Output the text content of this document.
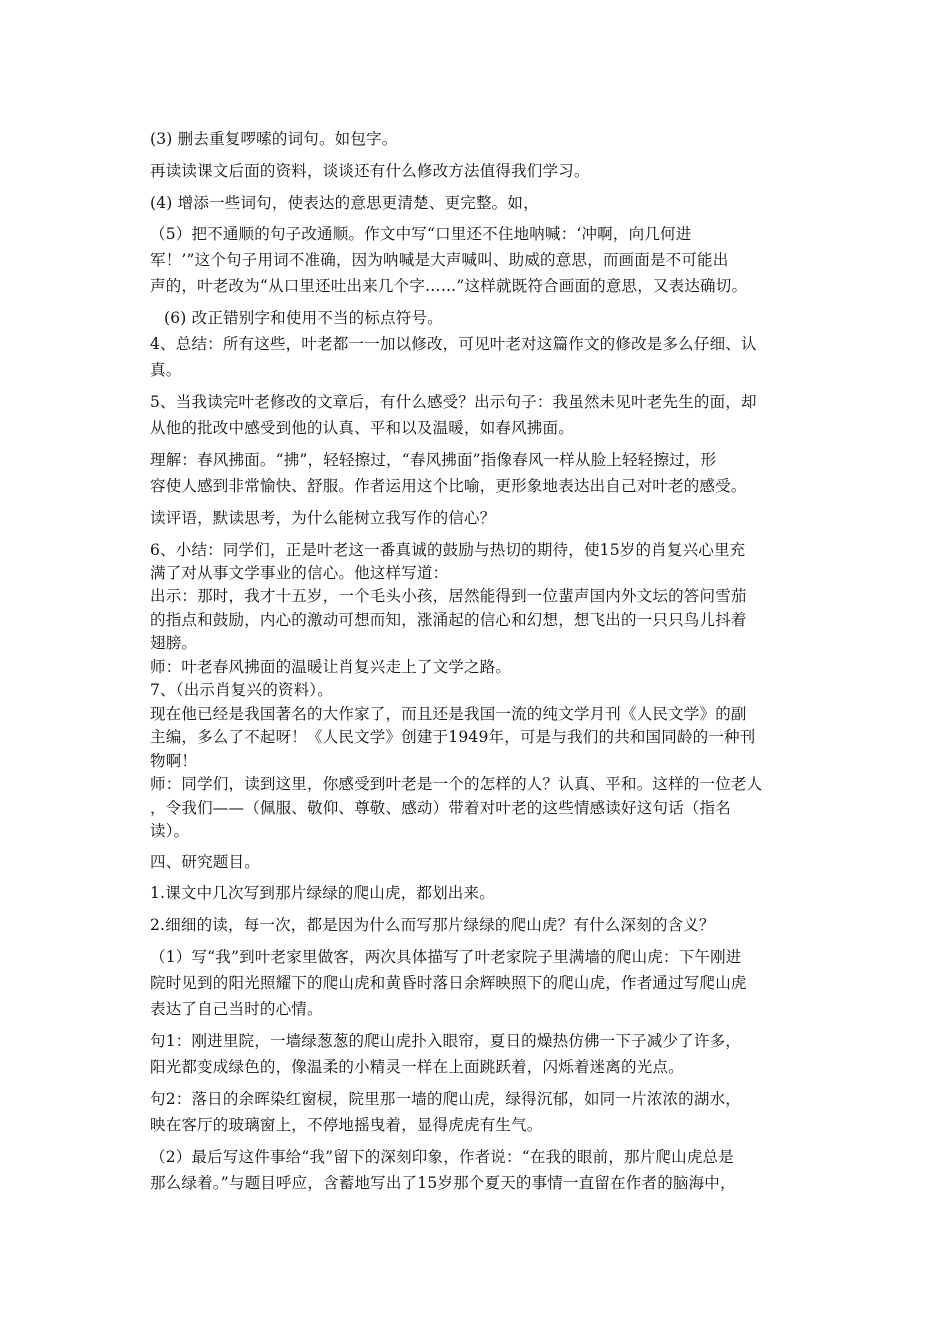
(3) 删去重复啰嗦的词句。如包字。
再读读课文后面的资料，谈谈还有什么修改方法值得我们学习。
(4) 增添一些词句，使表达的意思更清楚、更完整。如，
（5）把不通顺的句子改通顺。作文中写“口里还不住地呐喊：‘冲啊，向几何进
军！’”这个句子用词不准确，因为呐喊是大声喊叫、助威的意思，而画面是不可能出
声的，叶老改为“从口里还吐出来几个字……”这样就既符合画面的意思，又表达确切。
(6) 改正错别字和使用不当的标点符号。
4、总结：所有这些，叶老都一一加以修改，可见叶老对这篇作文的修改是多么仔细、认
真。
5、当我读完叶老修改的文章后，有什么感受？出示句子：我虽然未见叶老先生的面，却
从他的批改中感受到他的认真、平和以及温暖，如春风拂面。
理解：春风拂面。“拂”，轻轻擦过，“春风拂面”指像春风一样从脸上轻轻擦过，形
容使人感到非常愉快、舒服。作者运用这个比喻，更形象地表达出自己对叶老的感受。
读评语，默读思考，为什么能树立我写作的信心？
6、小结：同学们，正是叶老这一番真诚的鼓励与热切的期待，使15岁的肖复兴心里充
满了对从事文学事业的信心。他这样写道：
出示：那时，我才十五岁，一个毛头小孩，居然能得到一位蜚声国内外文坛的答问雪茄
的指点和鼓励，内心的激动可想而知，涨涌起的信心和幻想，想飞出的一只只鸟儿抖着
翅膀。
师：叶老春风拂面的温暖让肖复兴走上了文学之路。
7、（出示肖复兴的资料）。
现在他已经是我国著名的大作家了，而且还是我国一流的纯文学月刊《人民文学》的副
主编，多么了不起呀！《人民文学》创建于1949年，可是与我们的共和国同龄的一种刊
物啊！
师：同学们，读到这里，你感受到叶老是一个的怎样的人？认真、平和。这样的一位老人
，令我们——（佩服、敬仰、尊敬、感动）带着对叶老的这些情感读好这句话（指名
读）。
四、研究题目。
1.课文中几次写到那片绿绿的爬山虎，都划出来。
2.细细的读，每一次，都是因为什么而写那片绿绿的爬山虎？有什么深刻的含义？
（1）写“我”到叶老家里做客，两次具体描写了叶老家院子里满墙的爬山虎：下午刚进
院时见到的阳光照耀下的爬山虎和黄昏时落日余辉映照下的爬山虎，作者通过写爬山虎
表达了自己当时的心情。
句1：刚进里院，一墙绿葱葱的爬山虎扑入眼帘，夏日的燥热仿佛一下子减少了许多，
阳光都变成绿色的，像温柔的小精灵一样在上面跳跃着，闪烁着迷离的光点。
句2：落日的余晖染红窗棂，院里那一墙的爬山虎，绿得沉郁，如同一片浓浓的湖水，
映在客厅的玻璃窗上，不停地摇曳着，显得虎虎有生气。
（2）最后写这件事给“我”留下的深刻印象，作者说：“在我的眼前，那片爬山虎总是
那么绿着。”与题目呼应，含蓄地写出了15岁那个夏天的事情一直留在作者的脑海中，
